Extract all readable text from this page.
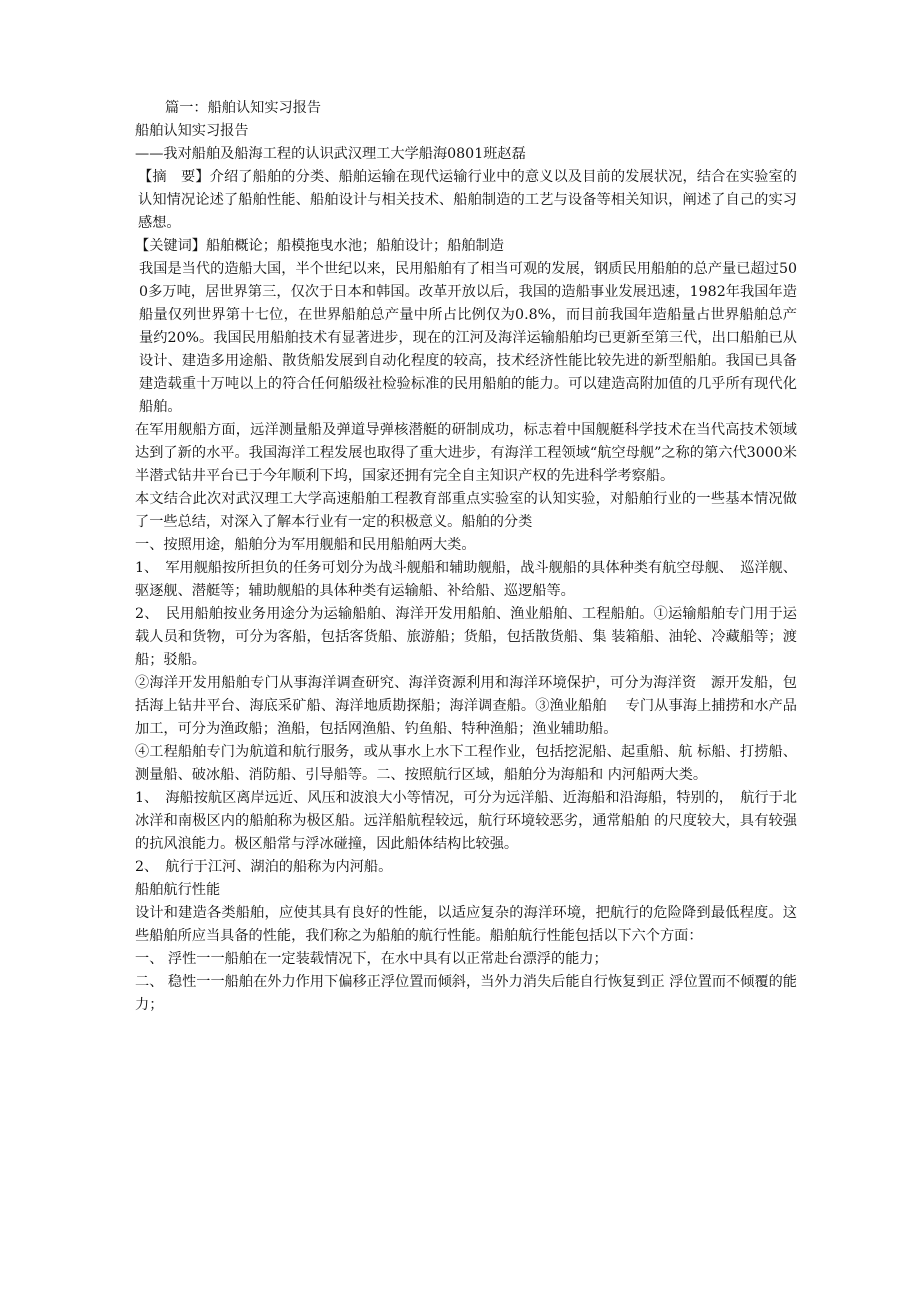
篇一：船舶认知实习报告

船舶认知实习报告

——我对船舶及船海工程的认识武汉理工大学船海0801班赵磊

【摘　要】介绍了船舶的分类、船舶运输在现代运输行业中的意义以及目前的发展状况，结合在实验室的认知情况论述了船舶性能、船舶设计与相关技术、船舶制造的工艺与设备等相关知识，阐述了自己的实习感想。

【关键词】船舶概论；船模拖曳水池；船舶设计；船舶制造

我国是当代的造船大国，半个世纪以来，民用船舶有了相当可观的发展，钢质民用船舶的总产量已超过500多万吨，居世界第三，仅次于日本和韩国。改革开放以后，我国的造船事业发展迅速，1982年我国年造船量仅列世界第十七位，在世界船舶总产量中所占比例仅为0.8%，而目前我国年造船量占世界船舶总产量约20%。我国民用船舶技术有显著进步，现在的江河及海洋运输船舶均已更新至第三代，出口船舶已从设计、建造多用途船、散货船发展到自动化程度的较高，技术经济性能比较先进的新型船舶。我国已具备建造载重十万吨以上的符合任何船级社检验标准的民用船舶的能力。可以建造高附加值的几乎所有现代化船舶。

在军用舰船方面，远洋测量船及弹道导弹核潜艇的研制成功，标志着中国舰艇科学技术在当代高技术领域达到了新的水平。我国海洋工程发展也取得了重大进步，有海洋工程领域“航空母舰”之称的第六代3000米半潜式钻井平台已于今年顺利下坞，国家还拥有完全自主知识产权的先进科学考察船。

本文结合此次对武汉理工大学高速船舶工程教育部重点实验室的认知实验，对船舶行业的一些基本情况做了一些总结，对深入了解本行业有一定的积极意义。船舶的分类

一、按照用途，船舶分为军用舰船和民用船舶两大类。

1、　军用舰船按所担负的任务可划分为战斗舰船和辅助舰船，战斗舰船的具体种类有航空母舰、　巡洋舰、驱逐舰、潜艇等；辅助舰船的具体种类有运输船、补给船、巡逻船等。

2、　民用船舶按业务用途分为运输船舶、海洋开发用船舶、渔业船舶、工程船舶。①运输船舶专门用于运载人员和货物，可分为客船，包括客货船、旅游船；货船，包括散货船、集 装箱船、油轮、冷藏船等；渡船；驳船。

②海洋开发用船舶专门从事海洋调查研究、海洋资源利用和海洋环境保护，可分为海洋资　源开发船，包括海上钻井平台、海底采矿船、海洋地质勘探船；海洋调查船。③渔业船舶　 专门从事海上捕捞和水产品加工，可分为渔政船；渔船，包括网渔船、钓鱼船、特种渔船；渔业辅助船。

④工程船舶专门为航道和航行服务，或从事水上水下工程作业，包括挖泥船、起重船、航 标船、打捞船、测量船、破冰船、消防船、引导船等。二、按照航行区域，船舶分为海船和 内河船两大类。

1、　海船按航区离岸远近、风压和波浪大小等情况，可分为远洋船、近海船和沿海船，特别的，　航行于北冰洋和南极区内的船舶称为极区船。远洋船航程较远，航行环境较恶劣，通常船舶 的尺度较大，具有较强的抗风浪能力。极区船常与浮冰碰撞，因此船体结构比较强。

2、　航行于江河、湖泊的船称为内河船。

船舶航行性能

设计和建造各类船舶，应使其具有良好的性能，以适应复杂的海洋环境，把航行的危险降到最低程度。这些船舶所应当具备的性能，我们称之为船舶的航行性能。船舶航行性能包括以下六个方面：

一、 浮性一一船舶在一定装载情况下，在水中具有以正常赴台漂浮的能力；

二、 稳性一一船舶在外力作用下偏移正浮位置而倾斜，当外力消失后能自行恢复到正 浮位置而不倾覆的能力；
